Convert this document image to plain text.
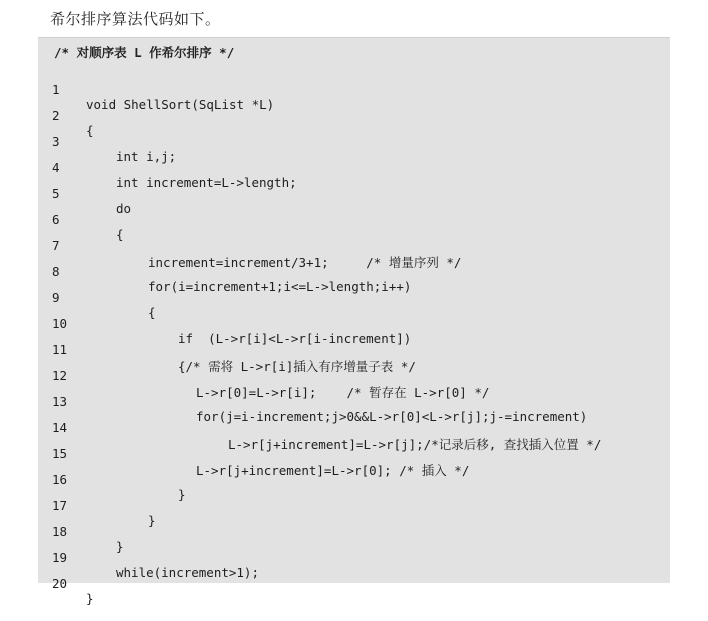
希尔排序算法代码如下。
/* 对顺序表 L 作希尔排序 */

1

void ShellSort(SqList *L)

2

{

3

int i,j;

4

int increment=L->length;

5

do

6

{

7

increment=increment/3+1;     /* 增量序列 */

8

for(i=increment+1;i<=L->length;i++)

9

{

10

if  (L->r[i]<L->r[i-increment])

11

{/* 需将 L->r[i]插入有序增量子表 */

12

L->r[0]=L->r[i];    /* 暂存在 L->r[0] */

13

for(j=i-increment;j>0&&L->r[0]<L->r[j];j-=increment)

14

L->r[j+increment]=L->r[j];/*记录后移, 查找插入位置 */

15

L->r[j+increment]=L->r[0]; /* 插入 */

16

}

17

}

18

}

19

while(increment>1);

20

}
